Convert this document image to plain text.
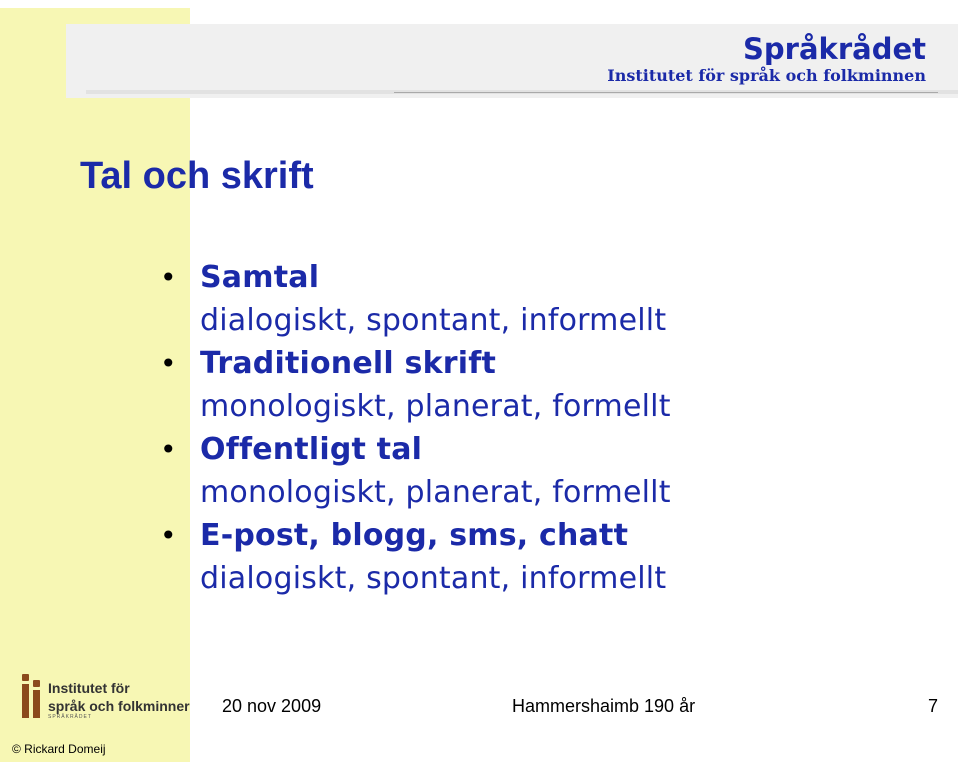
Språkrådet
Institutet för språk och folkminnen
Tal och skrift
• Samtal
dialogiskt, spontant, informellt
• Traditionell skrift
monologiskt, planerat, formellt
• Offentligt tal
monologiskt, planerat, formellt
• E-post, blogg, sms, chatt
dialogiskt, spontant, informellt
Institutet för
språk och folkminner
SPRÅKRÅDET
20 nov 2009	Hammershaimb 190 år	7
© Rickard Domeij
